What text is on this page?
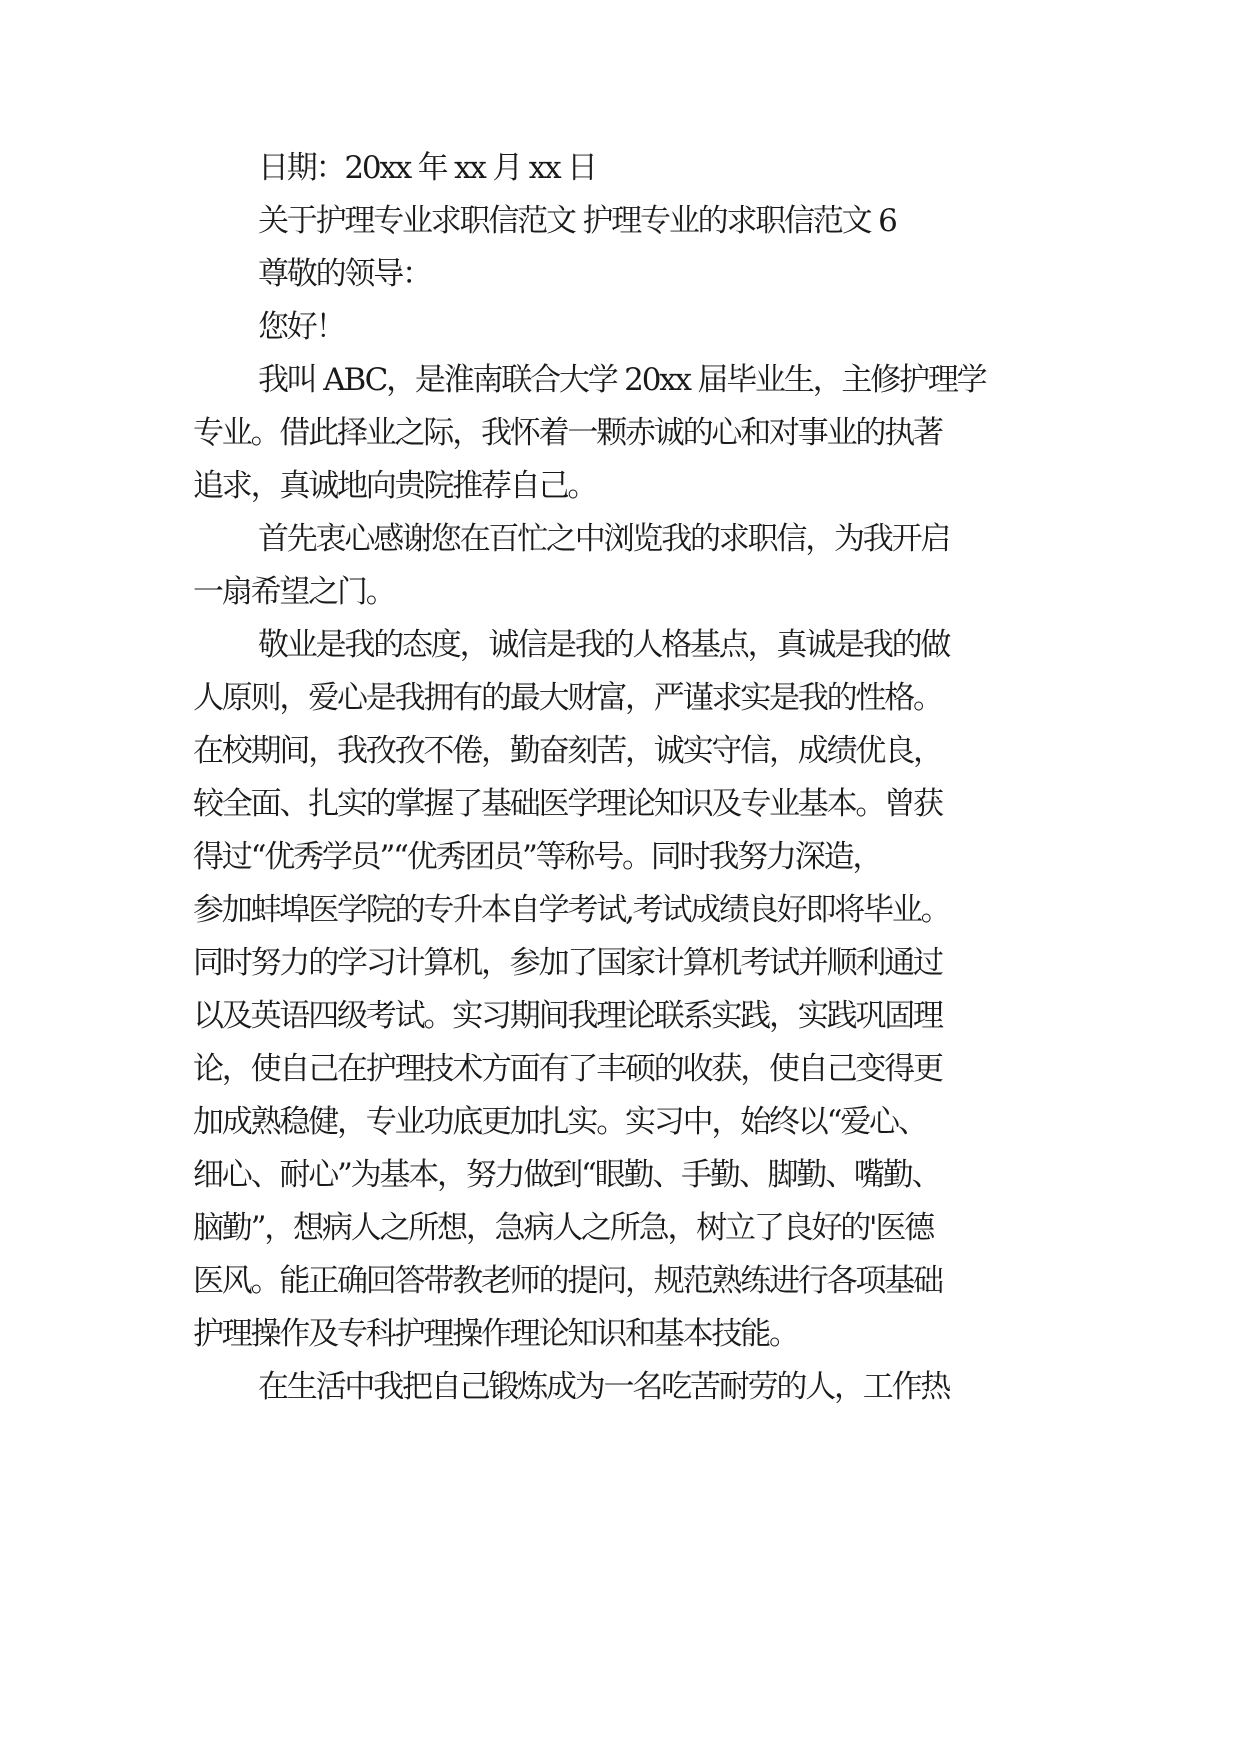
日期：20xx 年 xx 月 xx 日
关于护理专业求职信范文 护理专业的求职信范文 6
尊敬的领导：
您好！
我叫 ABC，是淮南联合大学 20xx 届毕业生，主修护理学
专业。借此择业之际，我怀着一颗赤诚的心和对事业的执著
追求，真诚地向贵院推荐自己。
首先衷心感谢您在百忙之中浏览我的求职信，为我开启
一扇希望之门。
敬业是我的态度，诚信是我的人格基点，真诚是我的做
人原则，爱心是我拥有的最大财富，严谨求实是我的性格。
在校期间，我孜孜不倦，勤奋刻苦，诚实守信，成绩优良，
较全面、扎实的掌握了基础医学理论知识及专业基本。曾获
得过“优秀学员”“优秀团员”等称号。同时我努力深造，
参加蚌埠医学院的专升本自学考试,考试成绩良好即将毕业。
同时努力的学习计算机，参加了国家计算机考试并顺利通过
以及英语四级考试。实习期间我理论联系实践，实践巩固理
论，使自己在护理技术方面有了丰硕的收获，使自己变得更
加成熟稳健，专业功底更加扎实。实习中，始终以“爱心、
细心、耐心”为基本，努力做到“眼勤、手勤、脚勤、嘴勤、
脑勤”，想病人之所想，急病人之所急，树立了良好的'医德
医风。能正确回答带教老师的提问，规范熟练进行各项基础
护理操作及专科护理操作理论知识和基本技能。
在生活中我把自己锻炼成为一名吃苦耐劳的人，工作热
